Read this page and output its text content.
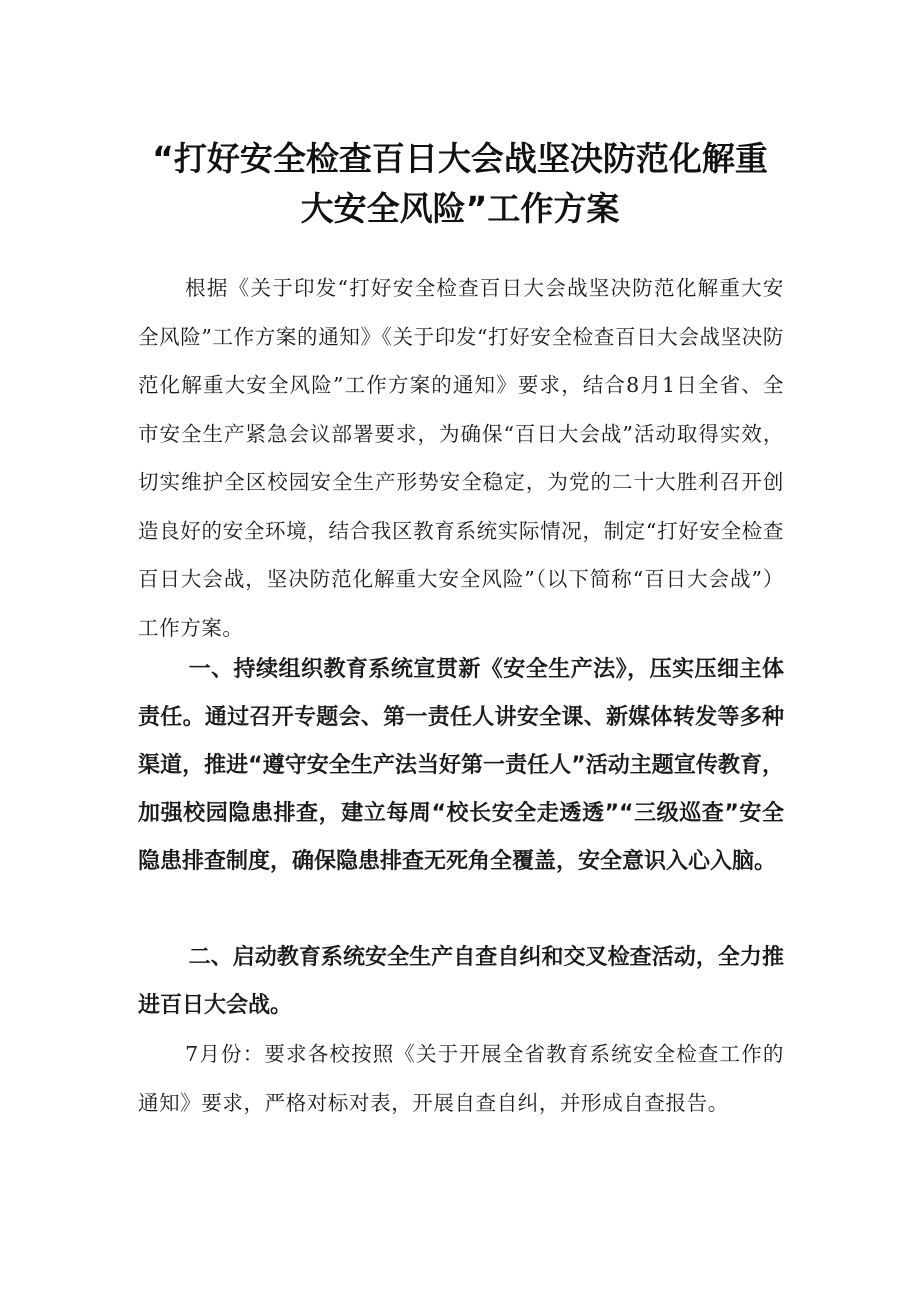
“打好安全检查百日大会战坚决防范化解重
大安全风险”工作方案

根据《关于印发“打好安全检查百日大会战坚决防范化解重大安全风险”工作方案的通知》《关于印发“打好安全检查百日大会战坚决防范化解重大安全风险”工作方案的通知》要求，结合8月1日全省、全市安全生产紧急会议部署要求，为确保“百日大会战”活动取得实效，切实维护全区校园安全生产形势安全稳定，为党的二十大胜利召开创造良好的安全环境，结合我区教育系统实际情况，制定“打好安全检查百日大会战，坚决防范化解重大安全风险”（以下简称“百日大会战”）工作方案。

一、持续组织教育系统宣贯新《安全生产法》，压实压细主体责任。通过召开专题会、第一责任人讲安全课、新媒体转发等多种渠道，推进“遵守安全生产法当好第一责任人”活动主题宣传教育，加强校园隐患排查，建立每周“校长安全走透透”“三级巡查”安全隐患排查制度，确保隐患排查无死角全覆盖，安全意识入心入脑。

二、启动教育系统安全生产自查自纠和交叉检查活动，全力推进百日大会战。

7月份：要求各校按照《关于开展全省教育系统安全检查工作的通知》要求，严格对标对表，开展自查自纠，并形成自查报告。
